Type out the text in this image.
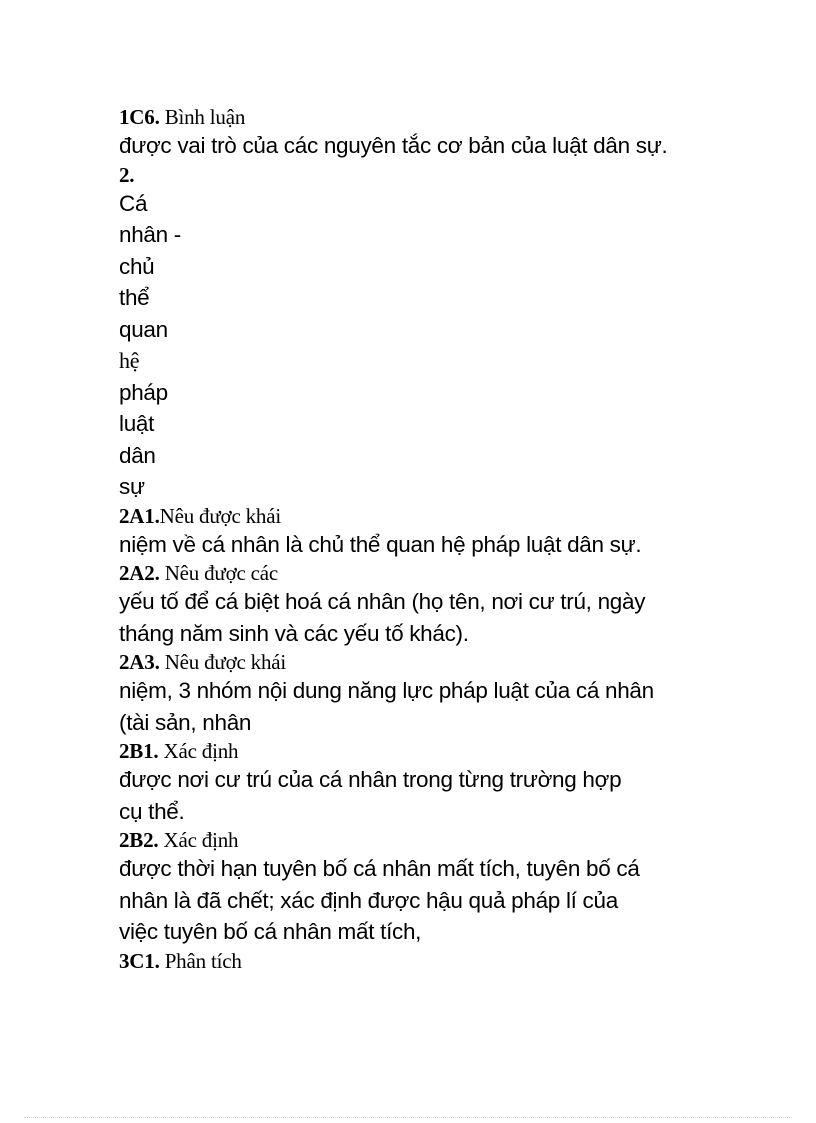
1C6. Bình luận
được vai trò của các nguyên tắc cơ bản của luật dân sự.
2.
Cá
nhân -
chủ
thể
quan
hệ
pháp
luật
dân
sự
2A1.Nêu được khái
niệm về cá nhân là chủ thể quan hệ pháp luật dân sự.
2A2. Nêu được các
yếu tố để cá biệt hoá cá nhân (họ tên, nơi cư trú, ngày
tháng năm sinh và các yếu tố khác).
2A3. Nêu được khái
niệm, 3 nhóm nội dung năng lực pháp luật của cá nhân
(tài sản, nhân
2B1. Xác định
được nơi cư trú của cá nhân trong từng trường hợp
cụ thể.
2B2. Xác định
được thời hạn tuyên bố cá nhân mất tích, tuyên bố cá
nhân là đã chết; xác định được hậu quả pháp lí của
việc tuyên bố cá nhân mất tích,
3C1. Phân tích
